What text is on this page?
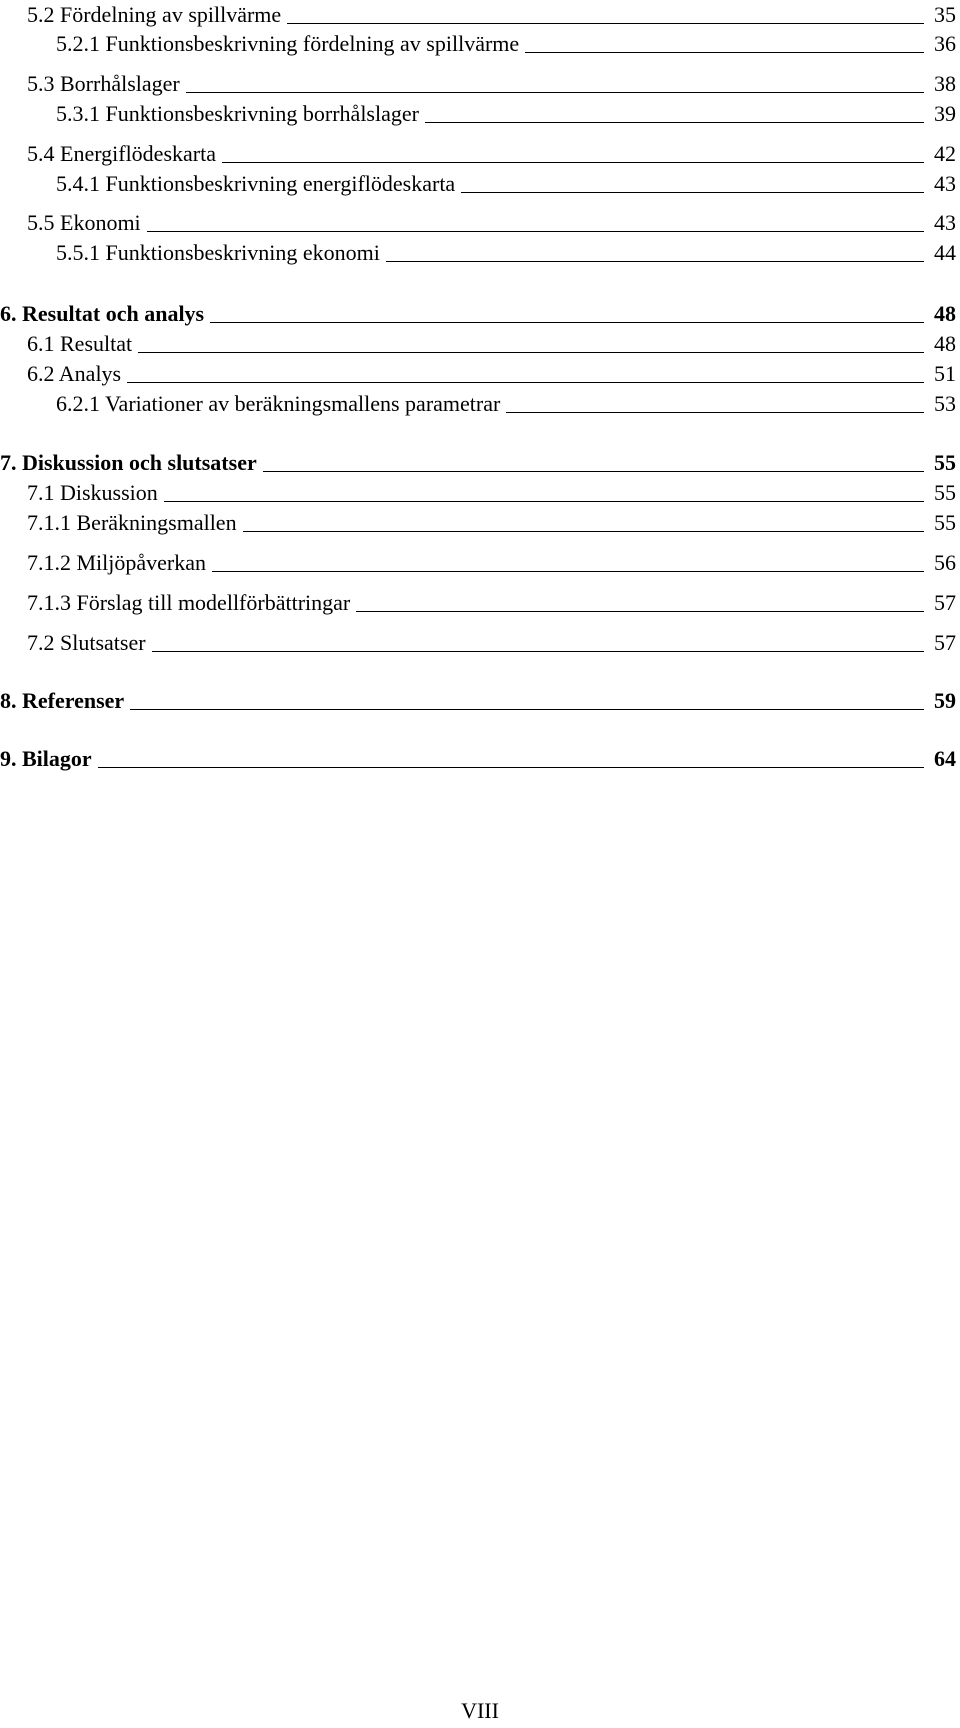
5.2 Fördelning av spillvärme	35
5.2.1 Funktionsbeskrivning fördelning av spillvärme	36
5.3 Borrhålslager	38
5.3.1 Funktionsbeskrivning borrhålslager	39
5.4 Energiflödeskarta	42
5.4.1 Funktionsbeskrivning energiflödeskarta	43
5.5 Ekonomi	43
5.5.1 Funktionsbeskrivning ekonomi	44
6. Resultat och analys	48
6.1 Resultat	48
6.2 Analys	51
6.2.1 Variationer av beräkningsmallens parametrar	53
7. Diskussion och slutsatser	55
7.1 Diskussion	55
7.1.1 Beräkningsmallen	55
7.1.2 Miljöpåverkan	56
7.1.3 Förslag till modellförbättringar	57
7.2 Slutsatser	57
8. Referenser	59
9. Bilagor	64
VIII
